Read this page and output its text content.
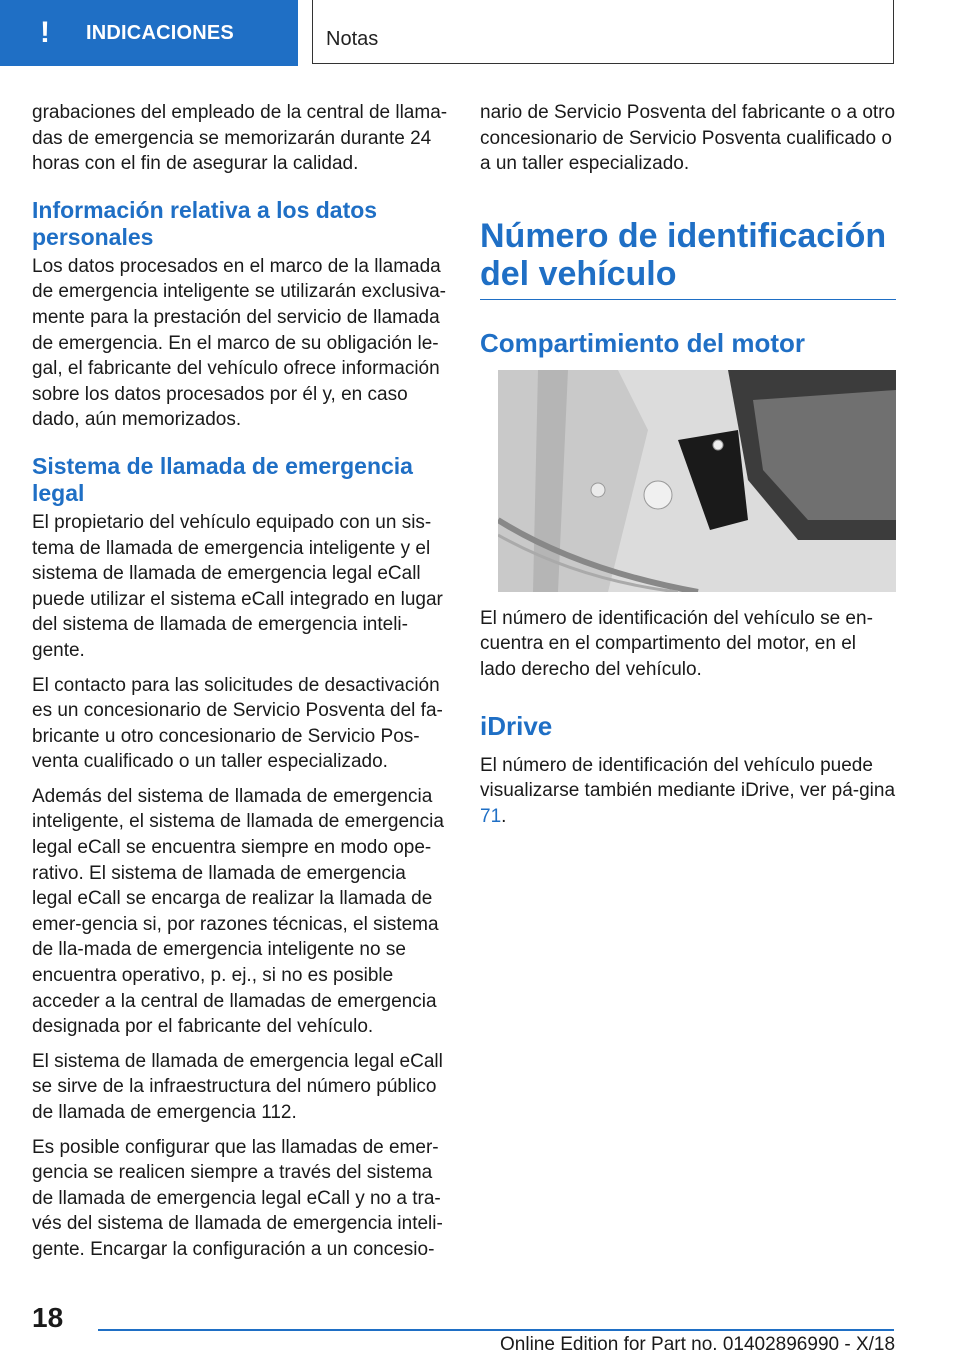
!	INDICACIONES	Notas

grabaciones del empleado de la central de llama-das de emergencia se memorizarán durante 24 horas con el fin de asegurar la calidad.

Información relativa a los datos personales

Los datos procesados en el marco de la llamada de emergencia inteligente se utilizarán exclusiva-mente para la prestación del servicio de llamada de emergencia. En el marco de su obligación le-gal, el fabricante del vehículo ofrece información sobre los datos procesados por él y, en caso dado, aún memorizados.

Sistema de llamada de emergencia legal

El propietario del vehículo equipado con un sis-tema de llamada de emergencia inteligente y el sistema de llamada de emergencia legal eCall puede utilizar el sistema eCall integrado en lugar del sistema de llamada de emergencia inteli-gente.

El contacto para las solicitudes de desactivación es un concesionario de Servicio Posventa del fa-bricante u otro concesionario de Servicio Pos-venta cualificado o un taller especializado.

Además del sistema de llamada de emergencia inteligente, el sistema de llamada de emergencia legal eCall se encuentra siempre en modo ope-rativo. El sistema de llamada de emergencia legal eCall se encarga de realizar la llamada de emer-gencia si, por razones técnicas, el sistema de lla-mada de emergencia inteligente no se encuentra operativo, p. ej., si no es posible acceder a la central de llamadas de emergencia designada por el fabricante del vehículo.

El sistema de llamada de emergencia legal eCall se sirve de la infraestructura del número público de llamada de emergencia 112.

Es posible configurar que las llamadas de emer-gencia se realicen siempre a través del sistema de llamada de emergencia legal eCall y no a tra-vés del sistema de llamada de emergencia inteli-gente. Encargar la configuración a un concesio-

nario de Servicio Posventa del fabricante o a otro concesionario de Servicio Posventa cualificado o a un taller especializado.

Número de identificación del vehículo
Compartimiento del motor

El número de identificación del vehículo se en-cuentra en el compartimento del motor, en el lado derecho del vehículo.

iDrive

El número de identificación del vehículo puede visualizarse también mediante iDrive, ver pá-gina 71.

18
Online Edition for Part no. 01402896990 - X/18
